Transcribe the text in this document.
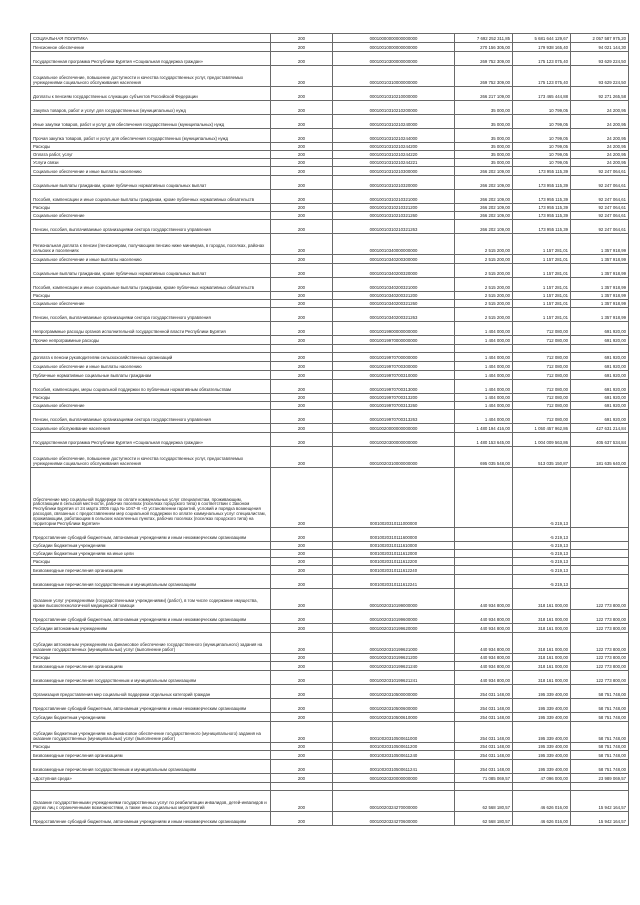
СОЦИАЛЬНАЯ ПОЛИТИКА	200	00010000000000000000	7 692 252 311,85	5 681 644 129,67	2 057 587 975,20
Пенсионное обеспечение	200	00010010000000000000	270 156 305,00	179 938 165,40	94 021 144,30
Государственная программа Республики Бурятия «Социальная поддержка граждан»	200	00010010300000000000	269 752 309,00	175 123 075,40	93 629 224,50
Социальное обеспечение, повышение доступности и качества государственных услуг, предоставляемых учреждениями социального обслуживания населения	200	00010010310000000000	269 752 309,00	175 123 075,40	93 629 224,50
Доплаты к пенсиям государственных служащих субъектов Российской Федерации	200	00010010310210000000	266 217 109,00	173 465 444,88	92 271 265,58
Закупка товаров, работ и услуг для государственных (муниципальных) нужд	200	00010010310210200000	35 000,00	10 799,05	24 200,95
Иные закупки товаров, работ и услуг для обеспечения государственных (муниципальных) нужд	200	00010010310210240000	35 000,00	10 799,05	24 200,95
Прочая закупка товаров, работ и услуг для обеспечения государственных (муниципальных) нужд	200	00010010310210244000	35 000,00	10 799,05	24 200,95
Расходы	200	00010010310210244200	35 000,00	10 799,05	24 200,95
Оплата работ, услуг	200	00010010310210244220	35 000,00	10 799,05	24 200,95
Услуги связи	200	00010010310210244221	35 000,00	10 799,05	24 200,95
Социальное обеспечение и иные выплаты населению	200	00010010310210300000	266 202 109,00	173 955 115,39	92 247 064,61
Социальные выплаты гражданам, кроме публичных нормативных социальных выплат	200	00010010310210320000	266 202 109,00	173 955 115,39	92 247 064,61
Пособия, компенсации и иные социальные выплаты гражданам, кроме публичных нормативных обязательств	200	00010010310210321000	266 202 109,00	173 955 115,39	92 247 064,61
Расходы	200	00010010310210321200	266 202 109,00	173 955 115,39	92 247 064,61
Социальное обеспечение	200	00010010310210321260	266 202 109,00	173 955 115,39	92 247 064,61
Пенсии, пособия, выплачиваемые организациями сектора государственного управления	200	00010010310210321263	266 202 109,00	173 955 115,39	92 247 064,61
Региональная доплата к пенсии (пенсионерам, получающим пенсию ниже минимума, в городах, поселках, районах сельских и поселениях	200	00010010340000000000	2 515 200,00	1 157 281,01	1 357 918,99
Социальное обеспечение и иные выплаты населению	200	00010010340200300000	2 515 200,00	1 157 281,01	1 357 918,99
Социальные выплаты гражданам, кроме публичных нормативных социальных выплат	200	00010010340200320000	2 515 200,00	1 157 281,01	1 357 918,99
Пособия, компенсации и иные социальные выплаты гражданам, кроме публичных нормативных обязательств	200	00010010340200321000	2 515 200,00	1 157 281,01	1 357 918,99
Расходы	200	00010010340200321200	2 515 200,00	1 157 281,01	1 357 918,99
Социальное обеспечение	200	00010010340200321260	2 515 200,00	1 157 281,01	1 357 918,99
Пенсии, пособия, выплачиваемые организациями сектора государственного управления	200	00010010340200321263	2 515 200,00	1 157 281,01	1 357 918,99
Непрограммные расходы органов исполнительной государственной власти Республики Бурятия	200	00010019900000000000	1 404 000,00	712 080,00	691 920,00
Прочие непрограммные расходы	200	00010019970000000000	1 404 000,00	712 080,00	691 920,00

Доплата к пенсии руководителям сельскохозяйственных организаций	200	00010019970700000000	1 404 000,00	712 080,00	691 920,00
Социальное обеспечение и иные выплаты населению	200	00010019970700300000	1 404 000,00	712 080,00	691 920,00
Публичные нормативные социальные выплаты гражданам	200	00010019970700310000	1 404 000,00	712 080,00	691 920,00
Пособия, компенсации, меры социальной поддержки по публичным нормативным обязательствам	200	00010019970700313000	1 404 000,00	712 080,00	691 920,00
Расходы	200	00010019970700313200	1 404 000,00	712 080,00	691 920,00
Социальное обеспечение	200	00010019970700313260	1 404 000,00	712 080,00	691 920,00
Пенсии, пособия, выплачиваемые организациями сектора государственного управления	200	00010019970700313263	1 404 000,00	712 080,00	691 920,00
Социальное обслуживание населения	200	00010020000000000000	1 480 194 416,00	1 050 457 962,86	427 631 214,84
Государственная программа Республики Бурятия «Социальная поддержка граждан»	200	00010020300000000000	1 480 153 645,00	1 004 009 563,86	405 637 534,84
Социальное обеспечение, повышение доступности и качества государственных услуг, предоставляемых учреждениями социального обслуживания населения	200	00010020310000000000	695 035 548,00	513 035 150,87	181 635 640,00
Обеспечение мер социальной поддержки по оплате коммунальных услуг специалистам, проживающим, работающим в сельской местности, рабочих поселках (поселках городского типа) в соответствии с Законом Республики Бурятия от 24 марта 2005 года № 1047-III «О установлении гарантий, условий и порядка возмещения расходов, связанных с предоставлением мер социальной поддержки по оплате коммунальных услуг специалистам, проживающим, работающим в сельских населенных пунктах, рабочих поселках (поселках городского типа) на территории Республики Бурятия»	200	00010020310111000000		-5 219,13	
Предоставление субсидий бюджетным, автономным учреждениям и иным некоммерческим организациям	200	00010020310111600000		-5 219,13	
Субсидии бюджетным учреждениям	200	00010020310111610000		-5 219,13	
Субсидии бюджетным учреждениям на иные цели	200	00010020310111612000		-5 219,13	
Расходы	200	00010020310111612200		-5 219,13	
Безвозмездные перечисления организациям	200	00010020310111612240		-5 219,13	
Безвозмездные перечисления государственным и муниципальным организациям	200	00010020310111612241		-5 219,13	
Оказание услуг учреждениями (государственными учреждениями) (работ), в том числе содержание имущества, кроме высокотехнологичной медицинской помощи	200	00010020310199000000	440 934 800,00	318 161 000,00	122 773 800,00
Предоставление субсидий бюджетным, автономным учреждениям и иным некоммерческим организациям	200	00010020310199600000	440 934 800,00	318 161 000,00	122 773 800,00
Субсидии автономным учреждениям	200	00010020310199620000	440 934 800,00	318 161 000,00	122 773 800,00
Субсидии автономным учреждениям на финансовое обеспечение государственного (муниципального) задания на оказание государственных (муниципальных) услуг (выполнение работ)	200	00010020310199621000	440 934 800,00	318 161 000,00	122 773 800,00
Расходы	200	00010020310199621200	440 934 800,00	318 161 000,00	122 773 800,00
Безвозмездные перечисления организациям	200	00010020310199621240	440 934 800,00	318 161 000,00	122 773 800,00
Безвозмездные перечисления государственным и муниципальным организациям	200	00010020310199621241	440 934 800,00	318 161 000,00	122 773 800,00
Организация предоставления мер социальной поддержки отдельных категорий граждан	200	00010020310500000000	254 031 148,00	195 339 400,00	58 751 748,00
Предоставление субсидий бюджетным, автономным учреждениям и иным некоммерческим организациям	200	00010020310500600000	254 031 148,00	195 339 400,00	58 751 748,00
Субсидии бюджетным учреждениям	200	00010020310500610000	254 031 148,00	195 339 400,00	58 751 748,00
Субсидии бюджетным учреждениям на финансовое обеспечение государственного (муниципального) задания на оказание государственных (муниципальных) услуг (выполнение работ)	200	00010020310500611000	254 031 148,00	195 339 400,00	58 751 748,00
Расходы	200	00010020310500611200	254 031 148,00	195 339 400,00	58 751 748,00
Безвозмездные перечисления организациям	200	00010020310500611240	254 031 148,00	195 339 400,00	58 751 748,00
Безвозмездные перечисления государственным и муниципальным организациям	200	00010020310500611241	254 031 148,00	195 339 400,00	58 751 748,00
«Доступная среда»	200	00010020320000000000	71 085 069,57	47 096 000,00	23 989 069,57

Оказание государственными учреждениями государственных услуг по реабилитации инвалидов, детей-инвалидов и других лиц с ограниченными возможностями, а также иных социальных мероприятий	200	00010020324270000000	62 568 180,57	46 626 016,00	15 942 164,57
Предоставление субсидий бюджетным, автономным учреждениям и иным некоммерческим организациям	200	00010020324270600000	62 568 180,57	46 626 016,00	15 942 164,57
